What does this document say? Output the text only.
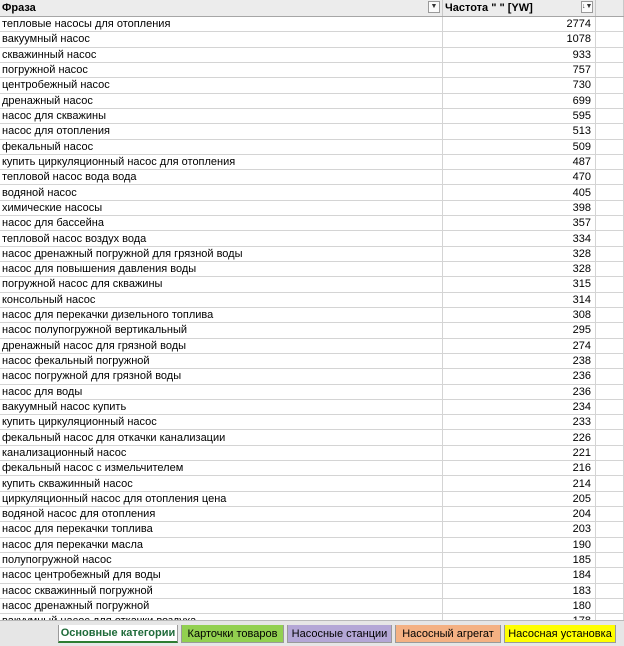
Фраза	▼ Частота " " [YW]	↓▼
тепловые насосы для отопления	2774
вакуумный насос	1078
скважинный насос	933
погружной насос	757
центробежный насос	730
дренажный насос	699
насос для скважины	595
насос для отопления	513
фекальный насос	509
купить циркуляционный насос для отопления	487
тепловой насос вода вода	470
водяной насос	405
химические насосы	398
насос для бассейна	357
тепловой насос воздух вода	334
насос дренажный погружной для грязной воды	328
насос для повышения давления воды	328
погружной насос для скважины	315
консольный насос	314
насос для перекачки дизельного топлива	308
насос полупогружной вертикальный	295
дренажный насос для грязной воды	274
насос фекальный погружной	238
насос погружной для грязной воды	236
насос для воды	236
вакуумный насос купить	234
купить циркуляционный насос	233
фекальный насос для откачки канализации	226
канализационный насос	221
фекальный насос с измельчителем	216
купить скважинный насос	214
циркуляционный насос для отопления цена	205
водяной насос для отопления	204
насос для перекачки топлива	203
насос для перекачки масла	190
полупогружной насос	185
насос центробежный для воды	184
насос скважинный погружной	183
насос дренажный погружной	180
Основные категории	Карточки товаров	Насосные станции	Насосный агрегат	Насосная установка
